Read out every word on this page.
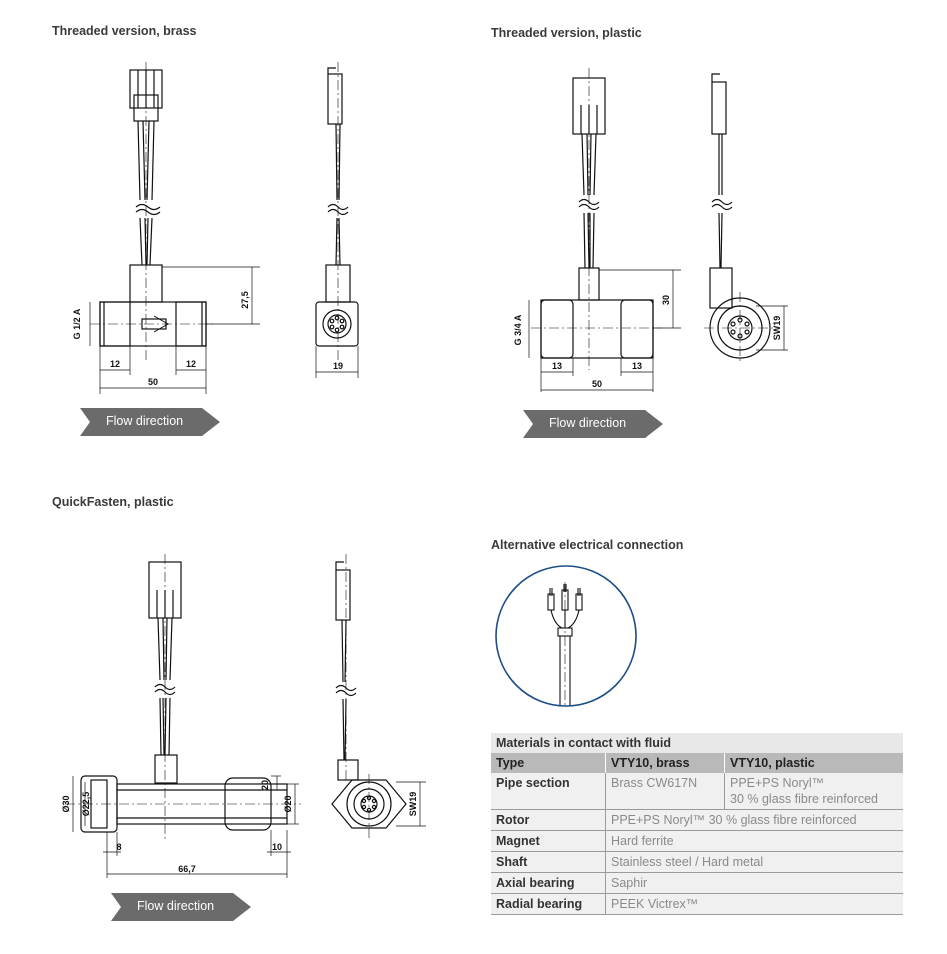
Threaded version, brass	Threaded version, plastic
QuickFasten, plastic
Alternative electrical connection
27,5
G 1/2 A
12	12
50
19
Flow direction
30
G 3/4 A
13	13
50
SW19
Flow direction
Ø30 Ø22,5
20
Ø20
8	10
66,7
SW19
Flow direction
Materials in contact with fluid		
Type	VTY10, brass	VTY10, plastic
Pipe section	Brass CW617N	PPE+PS Noryl™
30 % glass fibre reinforced

Rotor	PPE+PS Noryl™ 30 % glass fibre reinforced	
Magnet	Hard ferrite	
Shaft	Stainless steel / Hard metal	
Axial bearing	Saphir	
Radial bearing	PEEK Victrex™	
